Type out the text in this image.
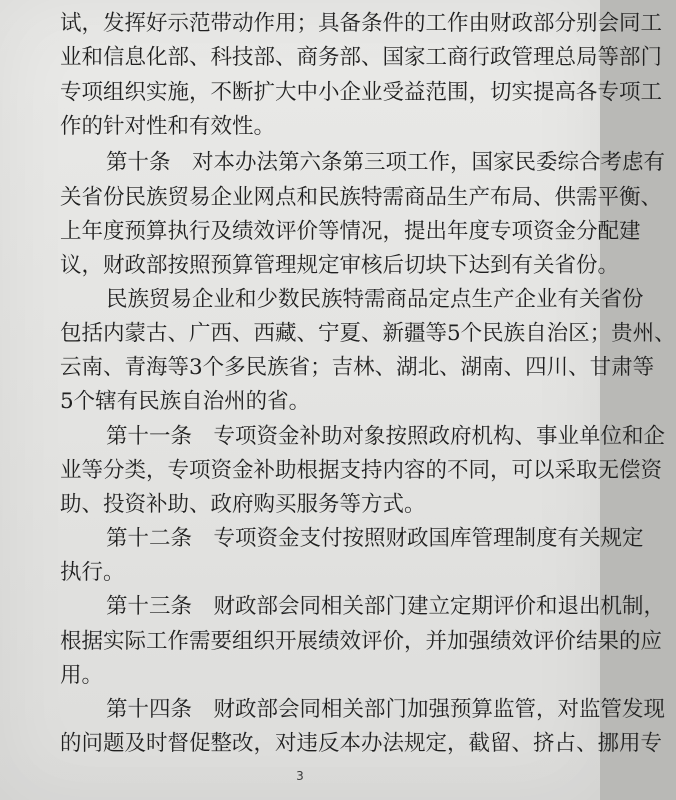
试，发挥好示范带动作用；具备条件的工作由财政部分别会同工
业和信息化部、科技部、商务部、国家工商行政管理总局等部门
专项组织实施，不断扩大中小企业受益范围，切实提高各专项工
作的针对性和有效性。
第十条　对本办法第六条第三项工作，国家民委综合考虑有
关省份民族贸易企业网点和民族特需商品生产布局、供需平衡、
上年度预算执行及绩效评价等情况，提出年度专项资金分配建
议，财政部按照预算管理规定审核后切块下达到有关省份。
民族贸易企业和少数民族特需商品定点生产企业有关省份
包括内蒙古、广西、西藏、宁夏、新疆等5个民族自治区；贵州、
云南、青海等3个多民族省；吉林、湖北、湖南、四川、甘肃等
5个辖有民族自治州的省。
第十一条　专项资金补助对象按照政府机构、事业单位和企
业等分类，专项资金补助根据支持内容的不同，可以采取无偿资
助、投资补助、政府购买服务等方式。
第十二条　专项资金支付按照财政国库管理制度有关规定
执行。
第十三条　财政部会同相关部门建立定期评价和退出机制，
根据实际工作需要组织开展绩效评价，并加强绩效评价结果的应
用。
第十四条　财政部会同相关部门加强预算监管，对监管发现
的问题及时督促整改，对违反本办法规定，截留、挤占、挪用专
3
